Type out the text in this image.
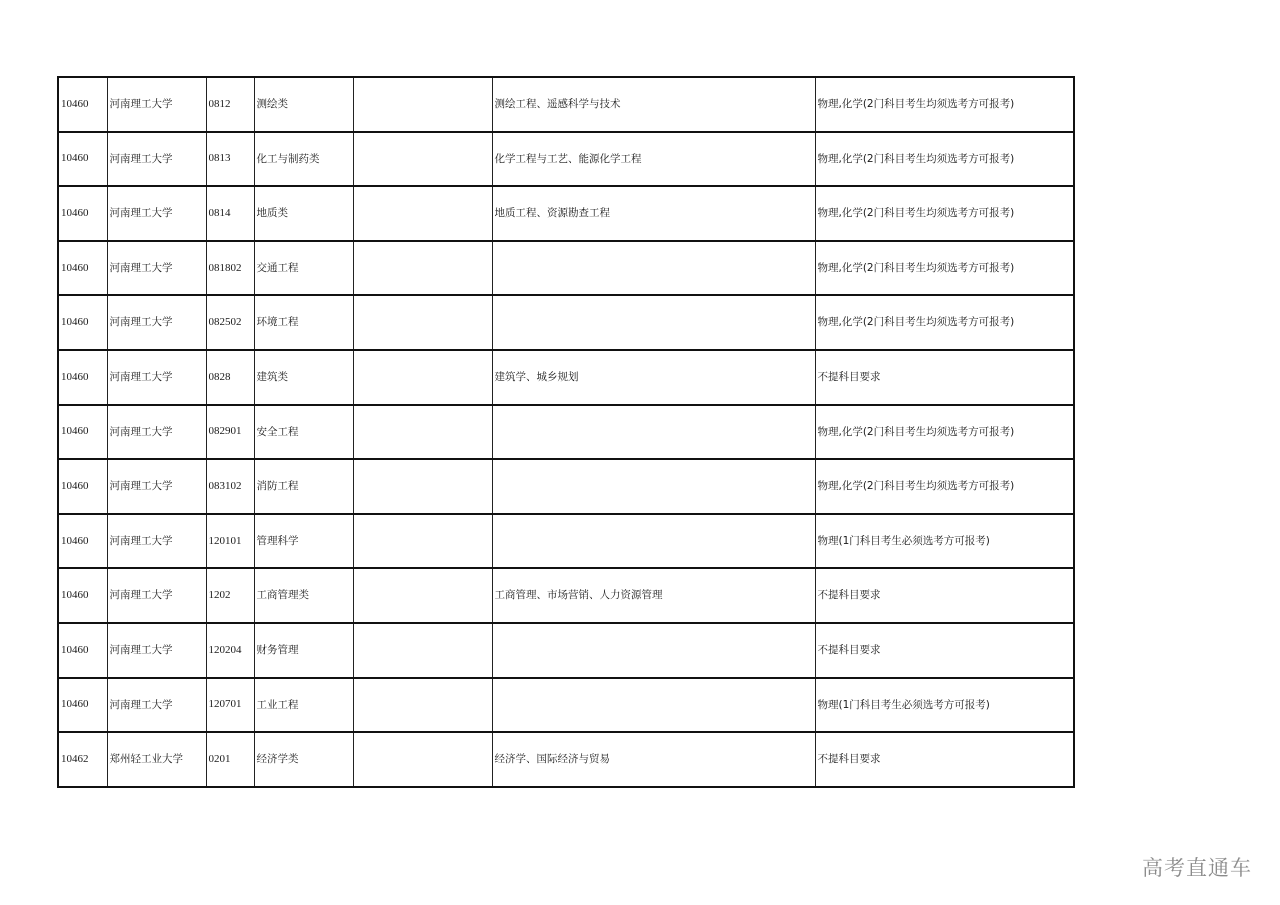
10460	河南理工大学	0812	测绘类		测绘工程、遥感科学与技术	物理,化学(2门科目考生均须选考方可报考)
10460	河南理工大学	0813	化工与制药类		化学工程与工艺、能源化学工程	物理,化学(2门科目考生均须选考方可报考)
10460	河南理工大学	0814	地质类		地质工程、资源勘查工程	物理,化学(2门科目考生均须选考方可报考)
10460	河南理工大学	081802	交通工程			物理,化学(2门科目考生均须选考方可报考)
10460	河南理工大学	082502	环境工程			物理,化学(2门科目考生均须选考方可报考)
10460	河南理工大学	0828	建筑类		建筑学、城乡规划	不提科目要求
10460	河南理工大学	082901	安全工程			物理,化学(2门科目考生均须选考方可报考)
10460	河南理工大学	083102	消防工程			物理,化学(2门科目考生均须选考方可报考)
10460	河南理工大学	120101	管理科学			物理(1门科目考生必须选考方可报考)
10460	河南理工大学	1202	工商管理类		工商管理、市场营销、人力资源管理	不提科目要求
10460	河南理工大学	120204	财务管理			不提科目要求
10460	河南理工大学	120701	工业工程			物理(1门科目考生必须选考方可报考)
10462	郑州轻工业大学	0201	经济学类		经济学、国际经济与贸易	不提科目要求
高考直通车
